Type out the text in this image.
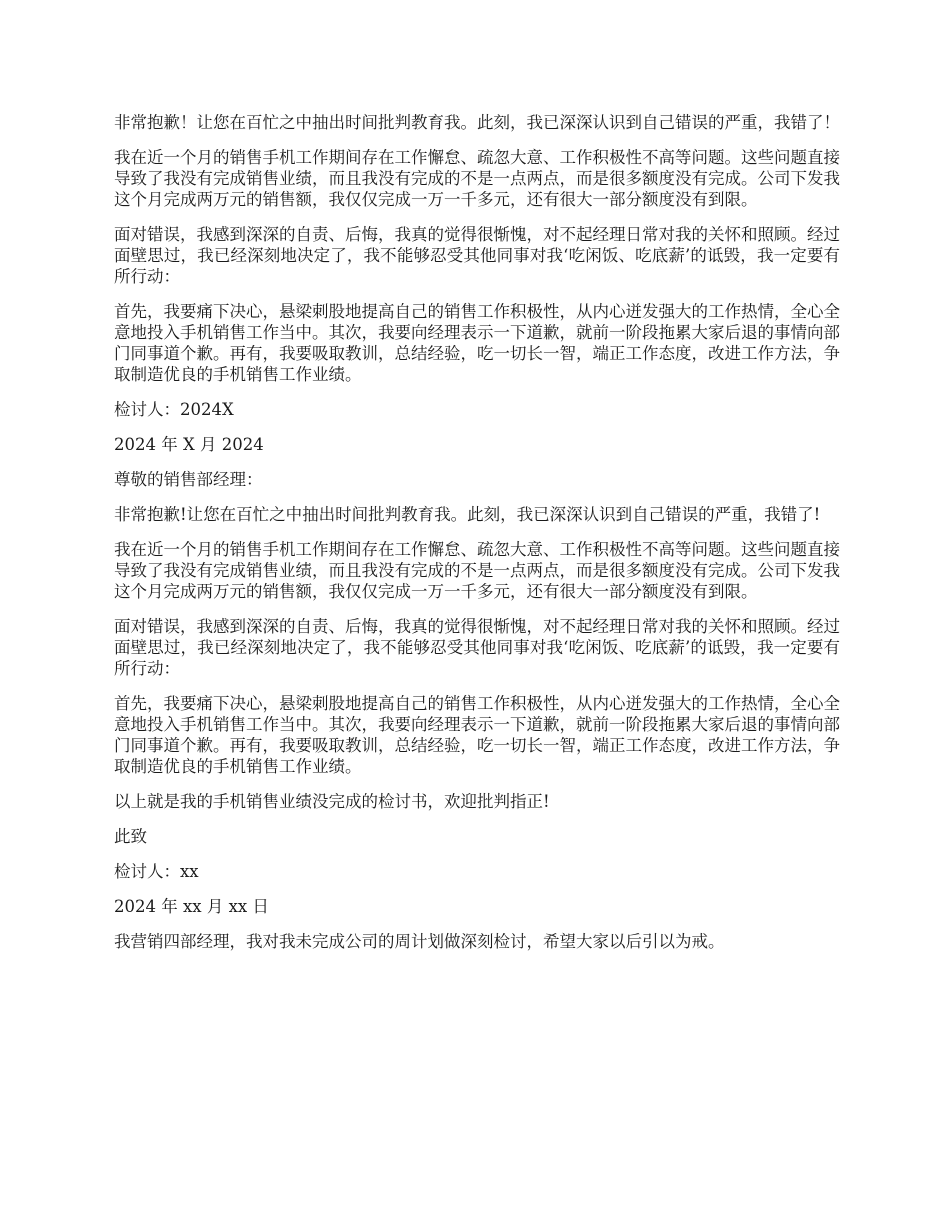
非常抱歉！让您在百忙之中抽出时间批判教育我。此刻，我已深深认识到自己错误的严重，我错了！

我在近一个月的销售手机工作期间存在工作懈怠、疏忽大意、工作积极性不高等问题。这些问题直接导致了我没有完成销售业绩，而且我没有完成的不是一点两点，而是很多额度没有完成。公司下发我这个月完成两万元的销售额，我仅仅完成一万一千多元，还有很大一部分额度没有到限。

面对错误，我感到深深的自责、后悔，我真的觉得很惭愧，对不起经理日常对我的关怀和照顾。经过面壁思过，我已经深刻地决定了，我不能够忍受其他同事对我‘吃闲饭、吃底薪’的诋毁，我一定要有所行动：

首先，我要痛下决心，悬梁刺股地提高自己的销售工作积极性，从内心迸发强大的工作热情，全心全意地投入手机销售工作当中。其次，我要向经理表示一下道歉，就前一阶段拖累大家后退的事情向部门同事道个歉。再有，我要吸取教训，总结经验，吃一切长一智，端正工作态度，改进工作方法，争取制造优良的手机销售工作业绩。

检讨人：2024X

2024 年 X 月 2024

尊敬的销售部经理：

非常抱歉!让您在百忙之中抽出时间批判教育我。此刻，我已深深认识到自己错误的严重，我错了!

我在近一个月的销售手机工作期间存在工作懈怠、疏忽大意、工作积极性不高等问题。这些问题直接导致了我没有完成销售业绩，而且我没有完成的不是一点两点，而是很多额度没有完成。公司下发我这个月完成两万元的销售额，我仅仅完成一万一千多元，还有很大一部分额度没有到限。

面对错误，我感到深深的自责、后悔，我真的觉得很惭愧，对不起经理日常对我的关怀和照顾。经过面壁思过，我已经深刻地决定了，我不能够忍受其他同事对我‘吃闲饭、吃底薪’的诋毁，我一定要有所行动：

首先，我要痛下决心，悬梁刺股地提高自己的销售工作积极性，从内心迸发强大的工作热情，全心全意地投入手机销售工作当中。其次，我要向经理表示一下道歉，就前一阶段拖累大家后退的事情向部门同事道个歉。再有，我要吸取教训，总结经验，吃一切长一智，端正工作态度，改进工作方法，争取制造优良的手机销售工作业绩。

以上就是我的手机销售业绩没完成的检讨书，欢迎批判指正!

此致

检讨人：xx

2024 年 xx 月 xx 日

我营销四部经理，我对我未完成公司的周计划做深刻检讨，希望大家以后引以为戒。
